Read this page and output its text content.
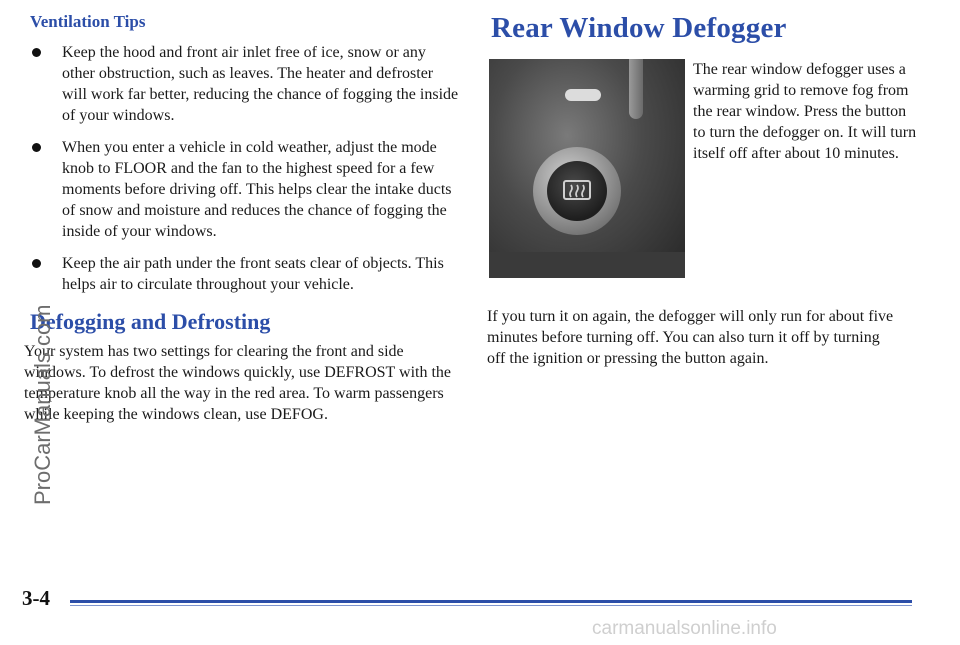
Ventilation Tips
Keep the hood and front air inlet free of ice, snow or any other obstruction, such as leaves. The heater and defroster will work far better, reducing the chance of fogging the inside of your windows.
When you enter a vehicle in cold weather, adjust the mode knob to FLOOR and the fan to the highest speed for a few moments before driving off. This helps clear the intake ducts of snow and moisture and reduces the chance of fogging the inside of your windows.
Keep the air path under the front seats clear of objects. This helps air to circulate throughout your vehicle.
Defogging and Defrosting

Your system has two settings for clearing the front and side windows. To defrost the windows quickly, use DEFROST with the temperature knob all the way in the red area. To warm passengers while keeping the windows clean, use DEFOG.

Rear Window Defogger

The rear window defogger uses a warming grid to remove fog from the rear window. Press the button to turn the defogger on. It will turn itself off after about 10 minutes.

If you turn it on again, the defogger will only run for about five minutes before turning off. You can also turn it off by turning off the ignition or pressing the button again.

3-4
ProCarManuals.com
carmanualsonline.info
